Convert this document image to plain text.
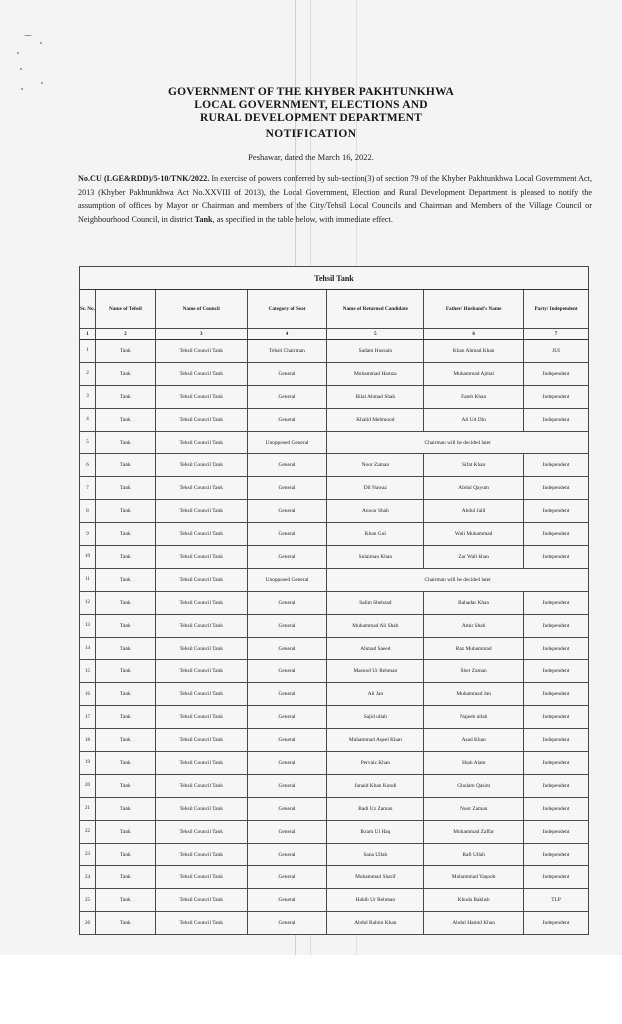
GOVERNMENT OF THE KHYBER PAKHTUNKHWA
LOCAL GOVERNMENT, ELECTIONS AND
RURAL DEVELOPMENT DEPARTMENT
NOTIFICATION
Peshawar, dated the March 16, 2022.
No.CU (LGE&RDD)/5-10/TNK/2022. In exercise of powers conferred by sub-section(3) of section 79 of the Khyber Pakhtunkhwa Local Government Act, 2013 (Khyber Pakhtunkhwa Act No.XXVIII of 2013), the Local Government, Election and Rural Development Department is pleased to notify the assumption of offices by Mayor or Chairman and members of the City/Tehsil Local Councils and Chairman and Members of the Village Council or Neighbourhood Council, in district Tank, as specified in the table below, with immediate effect.
Tehsil Tank						
Sr. No.	Name of Tehsil	Name of Council	Category of Seat	Name of Returned Candidate	Father/ Husband's Name	Party/ Independent
1	2	3	4	5	6	7
1	Tank	Tehsil Council Tank	Tehsil Chairman	Sadam Hussain	Khan Ahmad Khan	JUI
2	Tank	Tehsil Council Tank	General	Muhammad Hamza	Muhammad Ajmal	Independent
3	Tank	Tehsil Council Tank	General	Bilal Ahmad Shah	Fateh Khan	Independent
4	Tank	Tehsil Council Tank	General	Khalid Mehmood	Ali Ud Din	Independent
5	Tank	Tehsil Council Tank	Unopposed General	Chairman will be decided later		
6	Tank	Tehsil Council Tank	General	Noor Zaman	Sifat Khan	Independent
7	Tank	Tehsil Council Tank	General	Dil Nawaz	Abdul Qayum	Independent
8	Tank	Tehsil Council Tank	General	Anwar Shah	Abdul Jalil	Independent
9	Tank	Tehsil Council Tank	General	Khan Gul	Wali Muhammad	Independent
10	Tank	Tehsil Council Tank	General	Sulaiman Khan	Zar Wali khan	Independent
11	Tank	Tehsil Council Tank	Unopposed General	Chairman will be decided later		
12	Tank	Tehsil Council Tank	General	Salim Shehzad	Bahadar Khan	Independent
13	Tank	Tehsil Council Tank	General	Muhammad Ali Shah	Amir Shah	Independent
14	Tank	Tehsil Council Tank	General	Ahmad Saeed	Raz Muhammad	Independent
15	Tank	Tehsil Council Tank	General	Masood Ur Rehman	Sher Zaman	Independent
16	Tank	Tehsil Council Tank	General	Ali Jan	Muhammad Jan	Independent
17	Tank	Tehsil Council Tank	General	Sajid ullah	Najeeb ullah	Independent
18	Tank	Tehsil Council Tank	General	Muhammad Aqeel Khan	Asad Khan	Independent
19	Tank	Tehsil Council Tank	General	Pervaiz Khan	Shah Alam	Independent
20	Tank	Tehsil Council Tank	General	Junaid Khan Kundi	Ghulam Qasim	Independent
21	Tank	Tehsil Council Tank	General	Badi Uz Zaman	Noor Zaman	Independent
22	Tank	Tehsil Council Tank	General	Ikram Ul Haq	Muhammad Zaffar	Independent
23	Tank	Tehsil Council Tank	General	Sana Ullah	Rafi Ullah	Independent
24	Tank	Tehsil Council Tank	General	Muhammad Sharif	Muhammad Yaqoob	Independent
25	Tank	Tehsil Council Tank	General	Habib Ur Rehman	Khuda Bakhsh	TLP
26	Tank	Tehsil Council Tank	General	Abdul Rahim Khan	Abdul Hamid Khan	Independent
